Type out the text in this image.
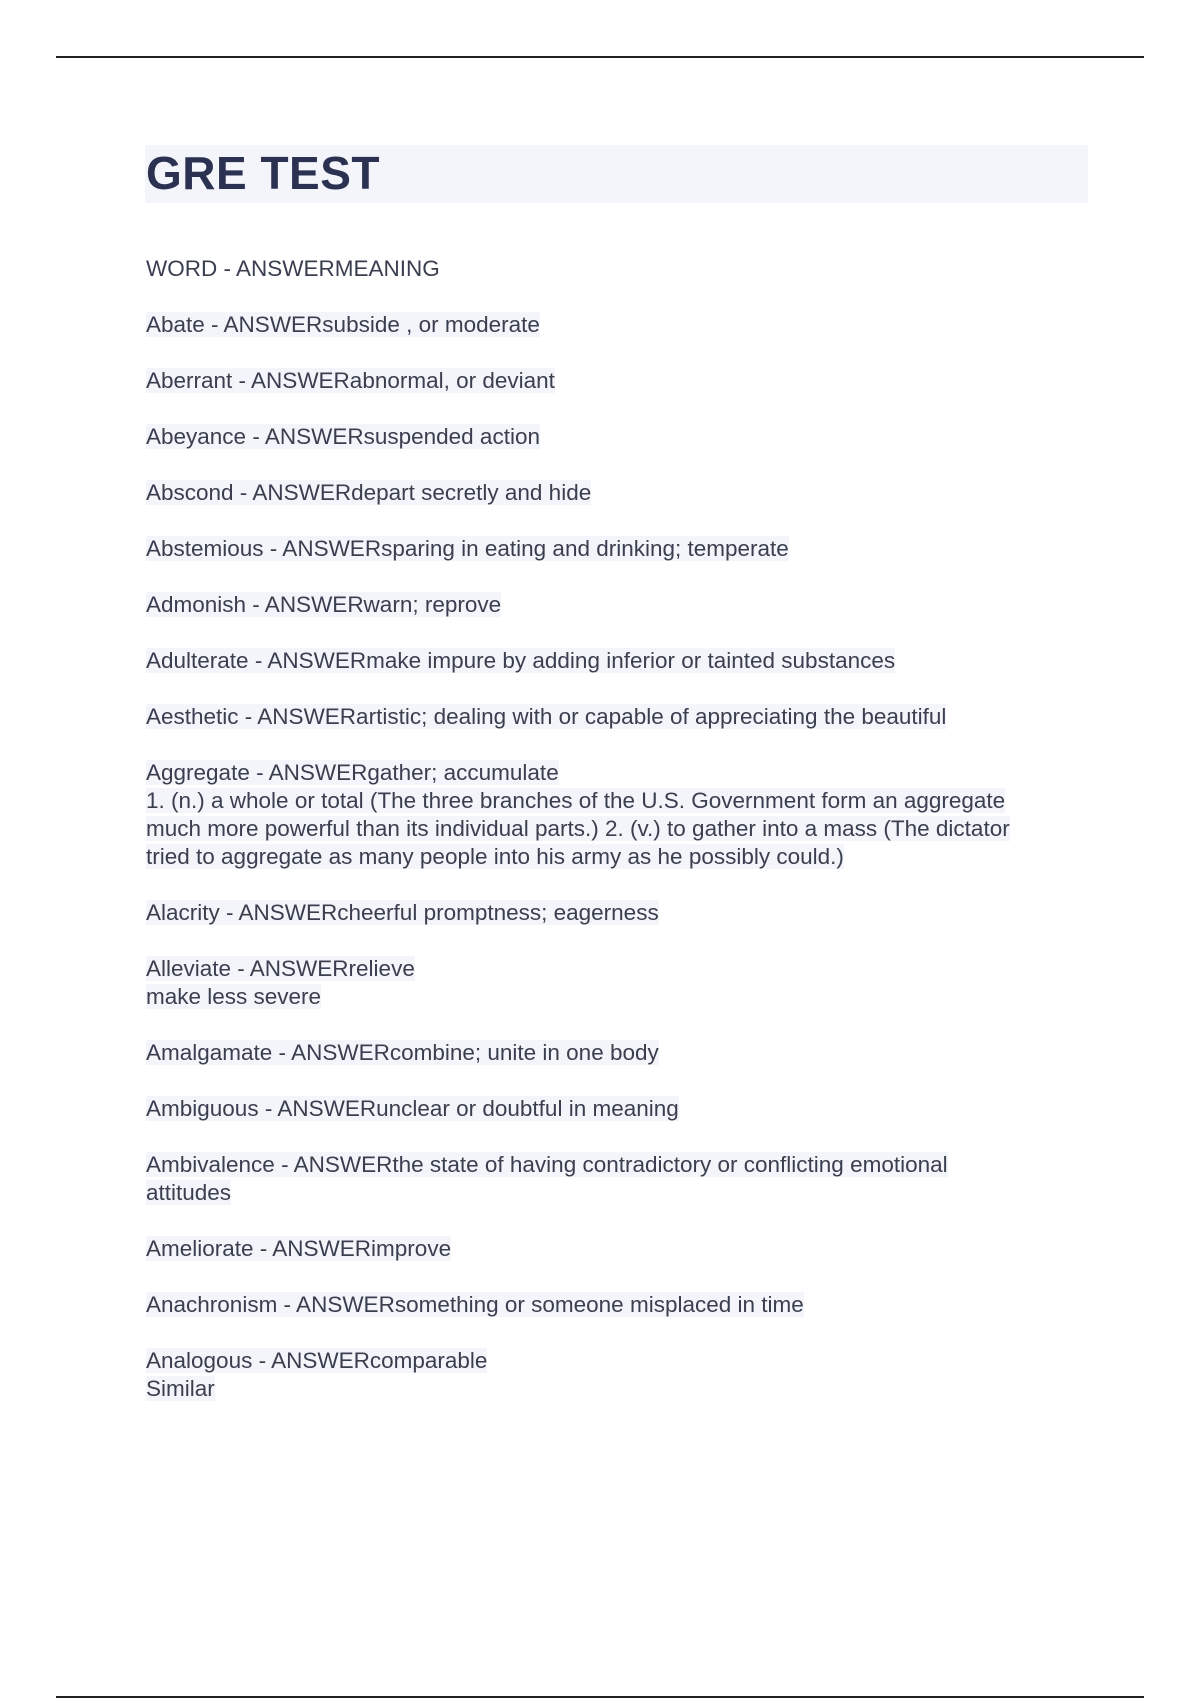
GRE TEST

WORD - ANSWERMEANING

Abate - ANSWERsubside , or moderate

Aberrant - ANSWERabnormal, or deviant

Abeyance - ANSWERsuspended action

Abscond - ANSWERdepart secretly and hide

Abstemious - ANSWERsparing in eating and drinking; temperate

Admonish - ANSWERwarn; reprove

Adulterate - ANSWERmake impure by adding inferior or tainted substances

Aesthetic - ANSWERartistic; dealing with or capable of appreciating the beautiful

Aggregate - ANSWERgather; accumulate
1. (n.) a whole or total (The three branches of the U.S. Government form an aggregate
much more powerful than its individual parts.) 2. (v.) to gather into a mass (The dictator
tried to aggregate as many people into his army as he possibly could.)

Alacrity - ANSWERcheerful promptness; eagerness

Alleviate - ANSWERrelieve
make less severe

Amalgamate - ANSWERcombine; unite in one body

Ambiguous - ANSWERunclear or doubtful in meaning

Ambivalence - ANSWERthe state of having contradictory or conflicting emotional
attitudes

Ameliorate - ANSWERimprove

Anachronism - ANSWERsomething or someone misplaced in time

Analogous - ANSWERcomparable
Similar
